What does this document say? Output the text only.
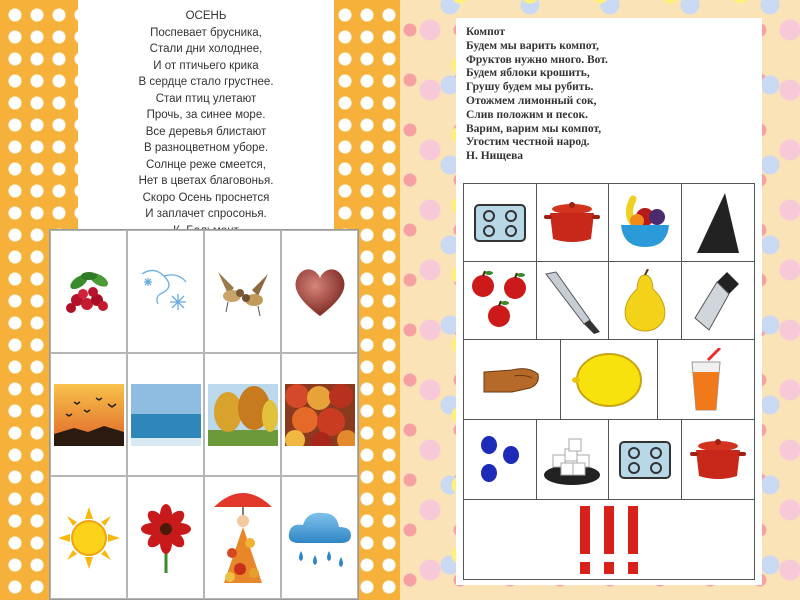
ОСЕНЬ
Поспевает брусника,
Стали дни холоднее,
И от птичьего крика
В сердце стало грустнее.
Стаи птиц улетают
Прочь, за синее море.
Все деревья блистают
В разноцветном уборе.
Солнце реже смеется,
Нет в цветах благовонья.
Скоро Осень проснется
И заплачет спросонья.
Компот
Будем мы варить компот,
Фруктов нужно много. Вот.
Будем яблоки крошить,
Грушу будем мы рубить.
Отожмем лимонный сок,
Слив положим и песок.
Варим, варим мы компот,
Угостим честной народ.
Н. Нищева
